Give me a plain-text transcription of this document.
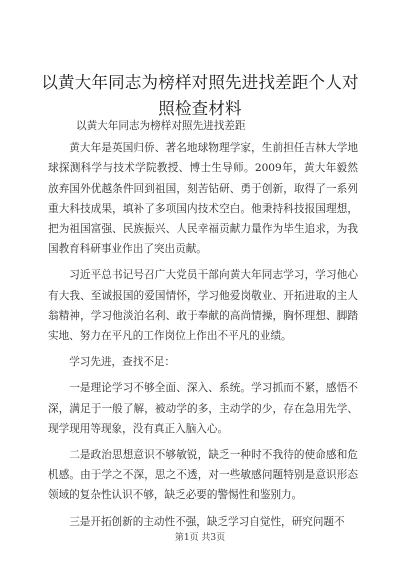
以黄大年同志为榜样对照先进找差距个人对照检查材料

以黄大年同志为榜样对照先进找差距

黄大年是英国归侨、著名地球物理学家，生前担任吉林大学地球探测科学与技术学院教授、博士生导师。2009年，黄大年毅然放弃国外优越条件回到祖国，刻苦钻研、勇于创新，取得了一系列重大科技成果，填补了多项国内技术空白。他秉持科技报国理想，把为祖国富强、民族振兴、人民幸福贡献力量作为毕生追求，为我国教育科研事业作出了突出贡献。

习近平总书记号召广大党员干部向黄大年同志学习，学习他心有大我、至诚报国的爱国情怀，学习他爱岗敬业、开拓进取的主人翁精神，学习他淡泊名利、敢于奉献的高尚情操，胸怀理想、脚踏实地、努力在平凡的工作岗位上作出不平凡的业绩。

学习先进，查找不足：

一是理论学习不够全面、深入、系统。学习抓而不紧，感悟不深，满足于一般了解，被动学的多，主动学的少，存在急用先学、现学现用等现象，没有真正入脑入心。

二是政治思想意识不够敏锐，缺乏一种时不我待的使命感和危机感。由于学之不深，思之不透，对一些敏感问题特别是意识形态领域的复杂性认识不够，缺乏必要的警惕性和鉴别力。

三是开拓创新的主动性不强，缺乏学习自觉性，研究问题不

第1页 共3页
